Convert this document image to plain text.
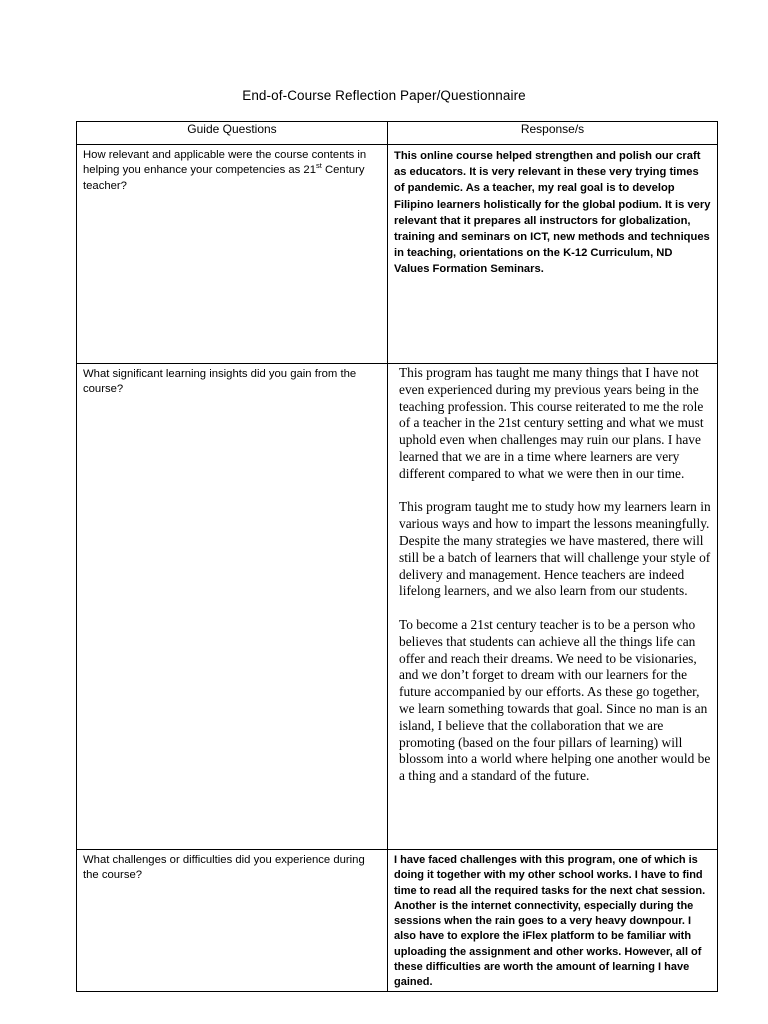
End-of-Course Reflection Paper/Questionnaire
Guide Questions	Response/s

How relevant and applicable were the course contents in helping you enhance your competencies as 21st Century teacher?	This online course helped strengthen and polish our craft as educators. It is very relevant in these very trying times of pandemic. As a teacher, my real goal is to develop Filipino learners holistically for the global podium. It is very relevant that it prepares all instructors for globalization, training and seminars on ICT, new methods and techniques in teaching, orientations on the K-12 Curriculum, ND Values Formation Seminars.

What significant learning insights did you gain from the course?	This program has taught me many things that I have not even experienced during my previous years being in the teaching profession. This course reiterated to me the role of a teacher in the 21st century setting and what we must uphold even when challenges may ruin our plans. I have learned that we are in a time where learners are very different compared to what we were then in our time.

This program taught me to study how my learners learn in various ways and how to impart the lessons meaningfully. Despite the many strategies we have mastered, there will still be a batch of learners that will challenge your style of delivery and management. Hence teachers are indeed lifelong learners, and we also learn from our students.

To become a 21st century teacher is to be a person who believes that students can achieve all the things life can offer and reach their dreams. We need to be visionaries, and we don’t forget to dream with our learners for the future accompanied by our efforts. As these go together, we learn something towards that goal. Since no man is an island, I believe that the collaboration that we are promoting (based on the four pillars of learning) will blossom into a world where helping one another would be a thing and a standard of the future.

What challenges or difficulties did you experience during the course?	I have faced challenges with this program, one of which is doing it together with my other school works. I have to find time to read all the required tasks for the next chat session. Another is the internet connectivity, especially during the sessions when the rain goes to a very heavy downpour. I also have to explore the iFlex platform to be familiar with uploading the assignment and other works. However, all of these difficulties are worth the amount of learning I have gained.
